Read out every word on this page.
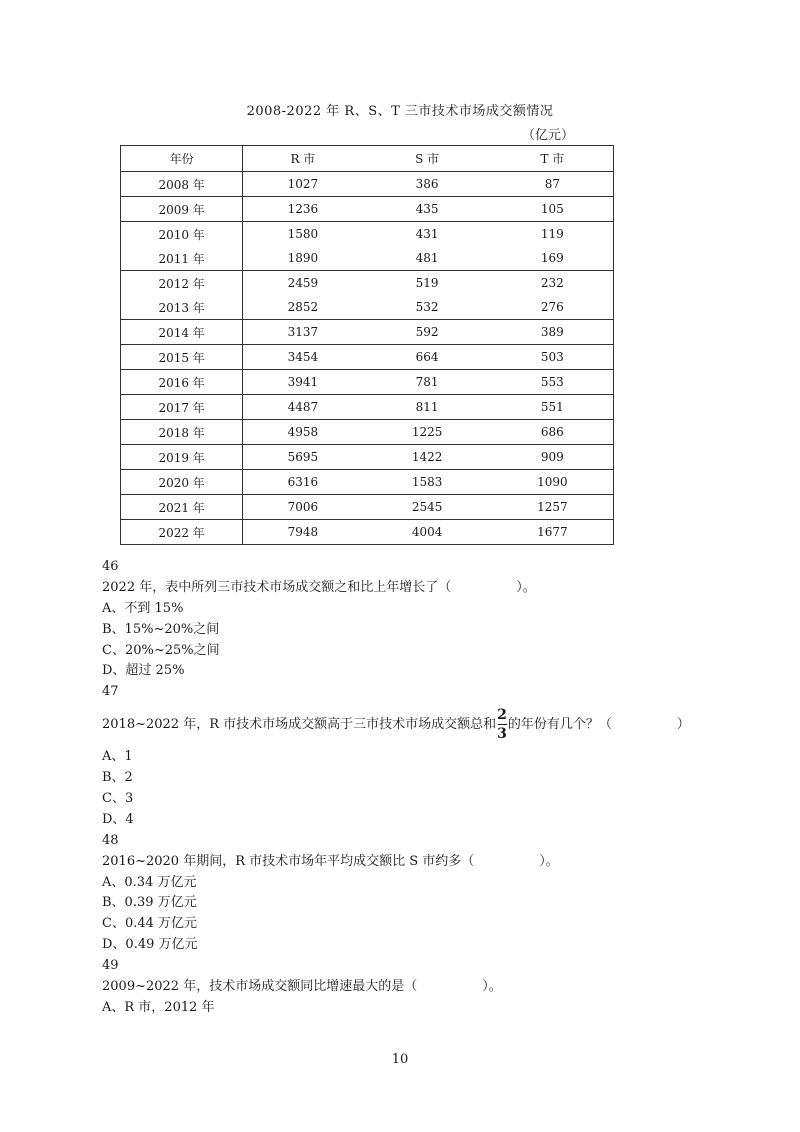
2008-2022 年 R、S、T 三市技术市场成交额情况
（亿元）
年份	R 市	S 市	T 市
2008 年	1027	386	87
2009 年	1236	435	105
2010 年	1580	431	119
2011 年	1890	481	169
2012 年	2459	519	232
2013 年	2852	532	276
2014 年	3137	592	389
2015 年	3454	664	503
2016 年	3941	781	553
2017 年	4487	811	551
2018 年	4958	1225	686
2019 年	5695	1422	909
2020 年	6316	1583	1090
2021 年	7006	2545	1257
2022 年	7948	4004	1677
46
2022 年，表中所列三市技术市场成交额之和比上年增长了（　　　　　）。
A、不到 15%
B、15%~20%之间
C、20%~25%之间
D、超过 25%
47
2018~2022 年，R 市技术市场成交额高于三市技术市场成交额总和 $\frac{2}{3}$ 的年份有几个？（　　　　　）
A、1
B、2
C、3
D、4
48
2016~2020 年期间，R 市技术市场年平均成交额比 S 市约多（　　　　　）。
A、0.34 万亿元
B、0.39 万亿元
C、0.44 万亿元
D、0.49 万亿元
49
2009~2022 年，技术市场成交额同比增速最大的是（　　　　　）。
A、R 市，2012 年
10
